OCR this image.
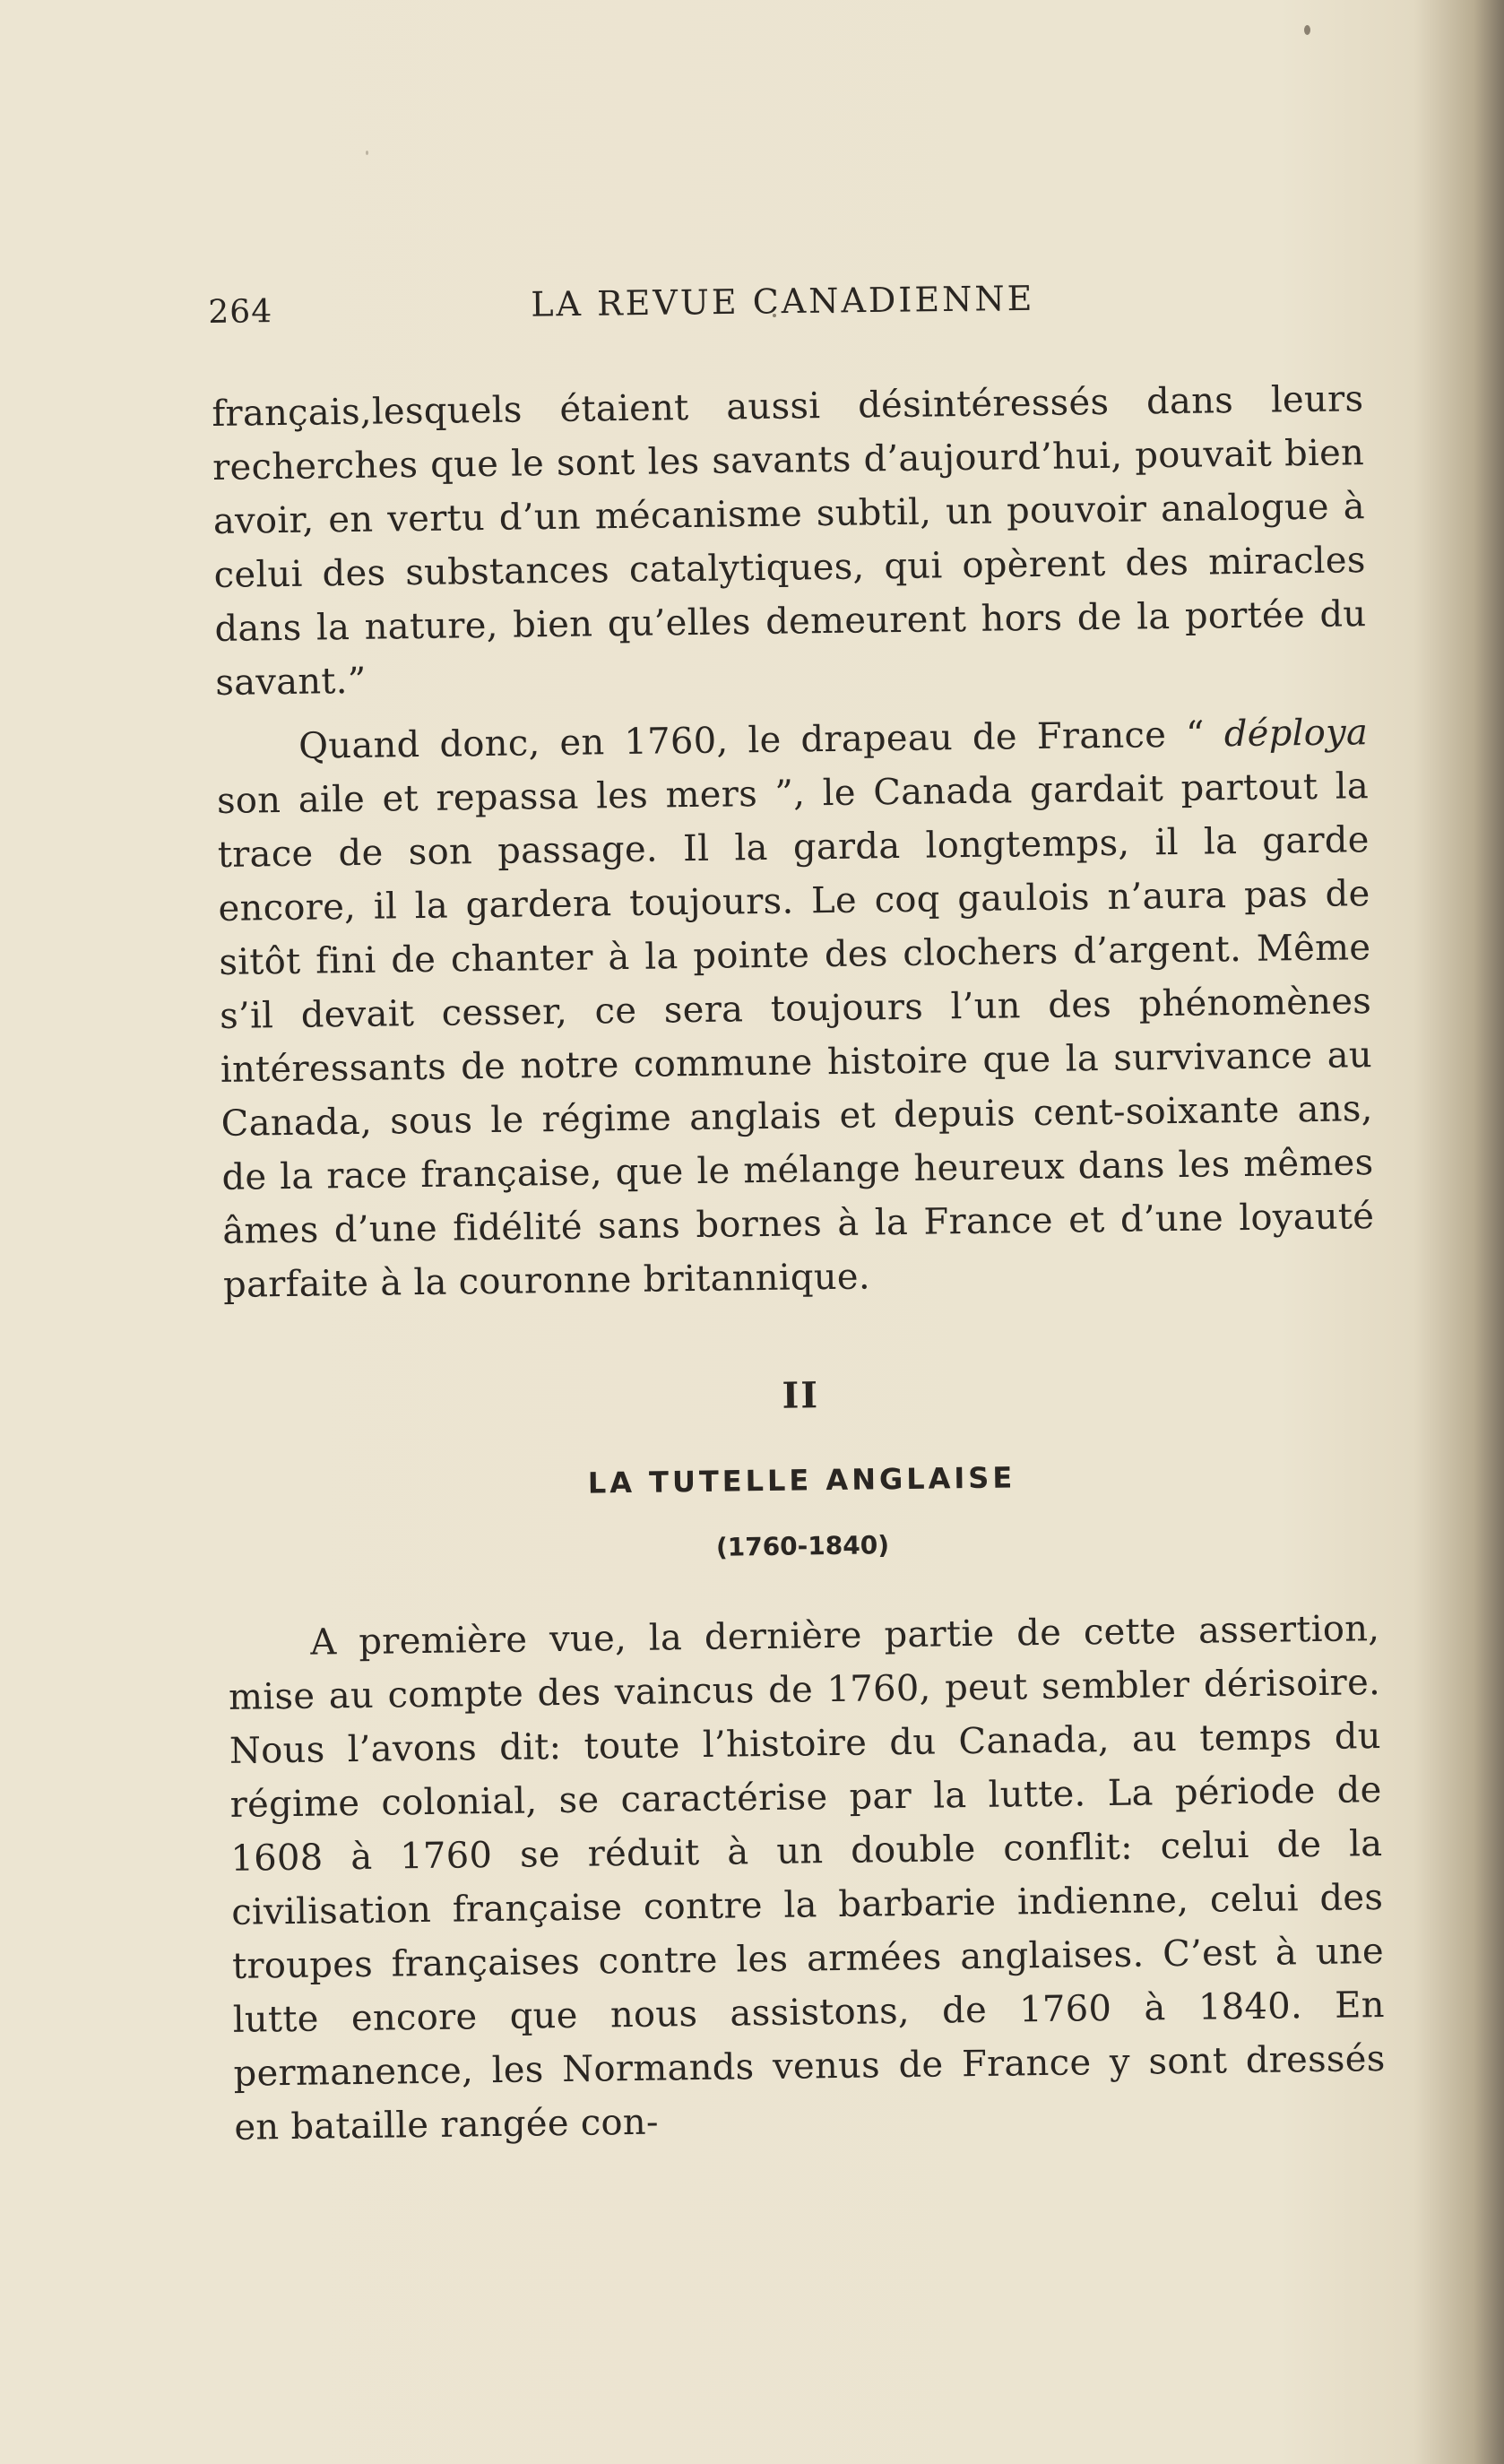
264	LA REVUE CANADIENNE

français,lesquels étaient aussi désintéressés dans leurs recherches que le sont les savants d’aujourd’hui, pouvait bien avoir, en vertu d’un mécanisme subtil, un pouvoir analogue à celui des substances catalytiques, qui opèrent des miracles dans la nature, bien qu’elles demeurent hors de la portée du savant.”

Quand donc, en 1760, le drapeau de France “ déploya son aile et repassa les mers ”, le Canada gardait partout la trace de son passage. Il la garda longtemps, il la garde encore, il la gardera toujours. Le coq gaulois n’aura pas de sitôt fini de chanter à la pointe des clochers d’argent. Même s’il devait cesser, ce sera toujours l’un des phénomènes intéressants de notre commune histoire que la survivance au Canada, sous le régime anglais et depuis cent-soixante ans, de la race française, que le mélange heureux dans les mêmes âmes d’une fidélité sans bornes à la France et d’une loyauté parfaite à la couronne britannique.

II
LA TUTELLE ANGLAISE
(1760-1840)

A première vue, la dernière partie de cette assertion, mise au compte des vaincus de 1760, peut sembler dérisoire. Nous l’avons dit: toute l’histoire du Canada, au temps du régime colonial, se caractérise par la lutte. La période de 1608 à 1760 se réduit à un double conflit: celui de la civilisation française contre la barbarie indienne, celui des troupes françaises contre les armées anglaises. C’est à une lutte encore que nous assistons, de 1760 à 1840. En permanence, les Normands venus de France y sont dressés en bataille rangée con-
